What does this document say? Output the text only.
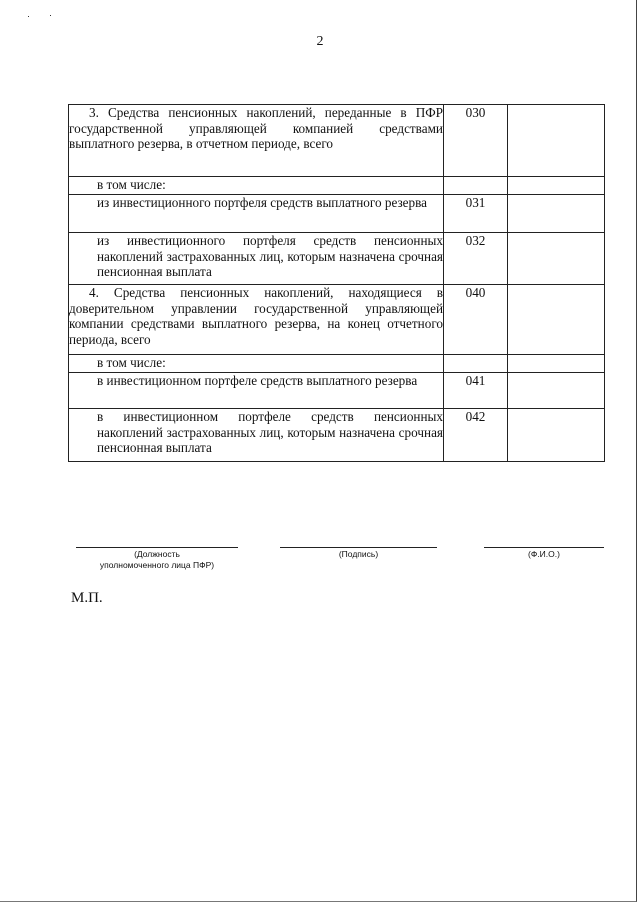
2
3. Средства пенсионных накоплений, переданные в ПФР государственной управляющей компанией средствами выплатного резерва, в отчетном периоде, всего	030	
в том числе:		
из инвестиционного портфеля средств выплатного резерва	031	
из инвестиционного портфеля средств пенсионных накоплений застрахованных лиц, которым назначена срочная пенсионная выплата	032	
4. Средства пенсионных накоплений, находящиеся в доверительном управлении государственной управляющей компании средствами выплатного резерва, на конец отчетного периода, всего	040	
в том числе:		
в инвестиционном портфеле средств выплатного резерва	041	
в инвестиционном портфеле средств пенсионных накоплений застрахованных лиц, которым назначена срочная пенсионная выплата	042	
(Должность
уполномоченного лица ПФР)
(Подпись)	(Ф.И.О.)
М.П.
